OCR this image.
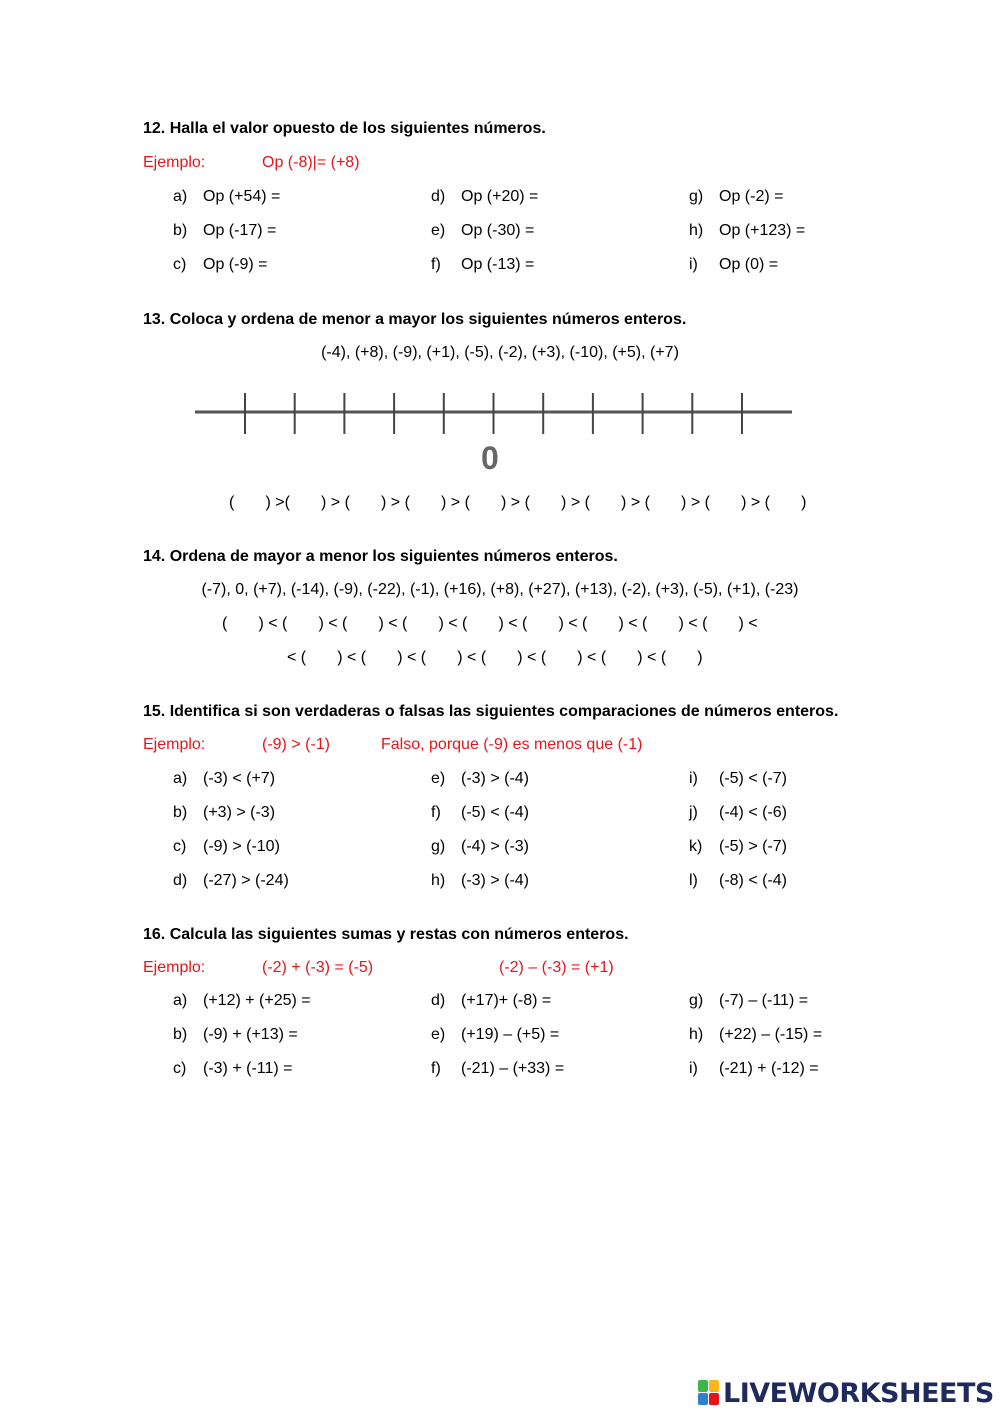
12. Halla el valor opuesto de los siguientes números.
Ejemplo:	Op (-8)|= (+8)
a) Op (+54) =	d) Op (+20) =	g) Op (-2) =
b) Op (-17) =	e) Op (-30) =	h) Op (+123) =
c) Op (-9) =	f) Op (-13) =	i) Op (0) =
13. Coloca y ordena de menor a mayor los siguientes números enteros.
(-4), (+8), (-9), (+1), (-5), (-2), (+3), (-10), (+5), (+7)
0
(       ) >(       ) > (       ) > (       ) > (       ) > (       ) > (       ) > (       ) > (       ) > (       )
14. Ordena de mayor a menor los siguientes números enteros.
(-7), 0, (+7), (-14), (-9), (-22), (-1), (+16), (+8), (+27), (+13), (-2), (+3), (-5), (+1), (-23)
(       ) < (       ) < (       ) < (       ) < (       ) < (       ) < (       ) < (       ) < (       ) <
< (       ) < (       ) < (       ) < (       ) < (       ) < (       ) < (       )
15. Identifica si son verdaderas o falsas las siguientes comparaciones de números enteros.
Ejemplo:	(-9) > (-1)	Falso, porque (-9) es menos que (-1)
a) (-3) < (+7)	e) (-3) > (-4)	i) (-5) < (-7)
b) (+3) > (-3)	f) (-5) < (-4)	j) (-4) < (-6)
c) (-9) > (-10)	g) (-4) > (-3)	k) (-5) > (-7)
d) (-27) > (-24)	h) (-3) > (-4)	l) (-8) < (-4)
16. Calcula las siguientes sumas y restas con números enteros.
Ejemplo:	(-2) + (-3) = (-5)	(-2) – (-3) = (+1)
a) (+12) + (+25) =	d) (+17)+ (-8) =	g) (-7) – (-11) =
b) (-9) + (+13) =	e) (+19) – (+5) =	h) (+22) – (-15) =
c) (-3) + (-11) =	f) (-21) – (+33) =	i) (-21) + (-12) =
LIVEWORKSHEETS
